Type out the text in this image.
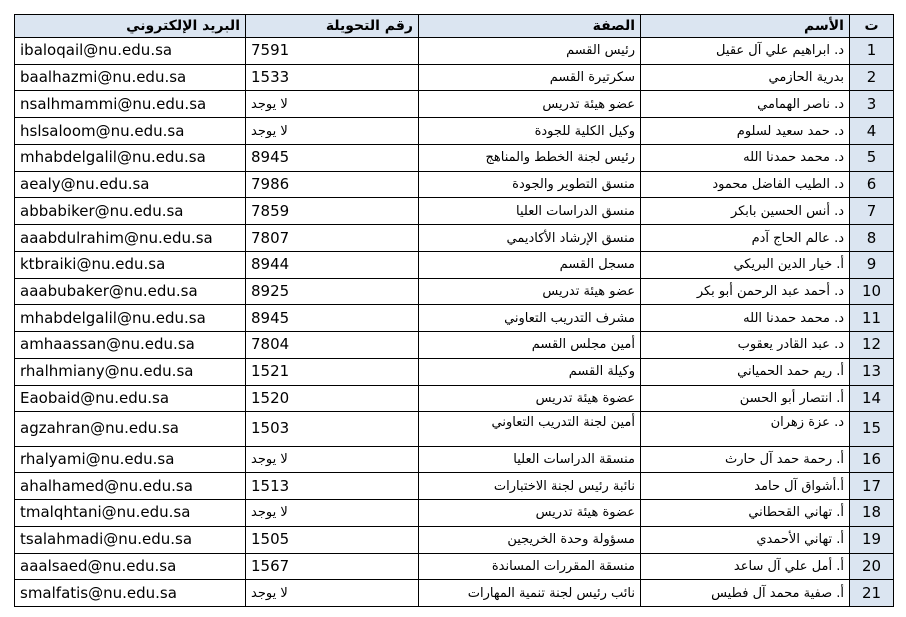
ت	الأسم	الصفة	رقم التحويلة	البريد الإلكتروني
1	د. ابراهيم علي آل عقيل	رئيس القسم	7591	ibaloqail@nu.edu.sa
2	بدرية الحازمي	سكرتيرة القسم	1533	baalhazmi@nu.edu.sa
3	د. ناصر الهمامي	عضو هيئة تدريس	لا يوجد	nsalhmammi@nu.edu.sa
4	د. حمد سعيد لسلوم	وكيل الكلية للجودة	لا يوجد	hslsaloom@nu.edu.sa
5	د. محمد حمدنا الله	رئيس لجنة الخطط والمناهج	8945	mhabdelgalil@nu.edu.sa
6	د. الطيب الفاضل محمود	منسق التطوير والجودة	7986	aealy@nu.edu.sa
7	د. أنس الحسين بابكر	منسق الدراسات العليا	7859	abbabiker@nu.edu.sa
8	د. عالم الحاج آدم	منسق الإرشاد الأكاديمي	7807	aaabdulrahim@nu.edu.sa
9	أ. خيار الدين البريكي	مسجل القسم	8944	ktbraiki@nu.edu.sa
10	د. أحمد عبد الرحمن أبو بكر	عضو هيئة تدريس	8925	aaabubaker@nu.edu.sa
11	د. محمد حمدنا الله	مشرف التدريب التعاوني	8945	mhabdelgalil@nu.edu.sa
12	د. عبد القادر يعقوب	أمين مجلس القسم	7804	amhaassan@nu.edu.sa
13	أ. ريم حمد الحمياني	وكيلة القسم	1521	rhalhmiany@nu.edu.sa
14	أ. انتصار أبو الحسن	عضوة هيئة تدريس	1520	Eaobaid@nu.edu.sa
15	د. عزة زهران	أمين لجنة التدريب التعاوني	1503	agzahran@nu.edu.sa
16	أ. رحمة حمد آل حارث	منسقة الدراسات العليا	لا يوجد	rhalyami@nu.edu.sa
17	أ.أشواق آل حامد	نائبة رئيس لجنة الاختبارات	1513	ahalhamed@nu.edu.sa
18	أ. تهاني القحطاني	عضوة هيئة تدريس	لا يوجد	tmalqhtani@nu.edu.sa
19	أ. تهاني الأحمدي	مسؤولة وحدة الخريجين	1505	tsalahmadi@nu.edu.sa
20	أ. أمل علي آل ساعد	منسقة المقررات المساندة	1567	aaalsaed@nu.edu.sa
21	أ. صفية محمد آل فطيس	نائب رئيس لجنة تنمية المهارات	لا يوجد	smalfatis@nu.edu.sa
